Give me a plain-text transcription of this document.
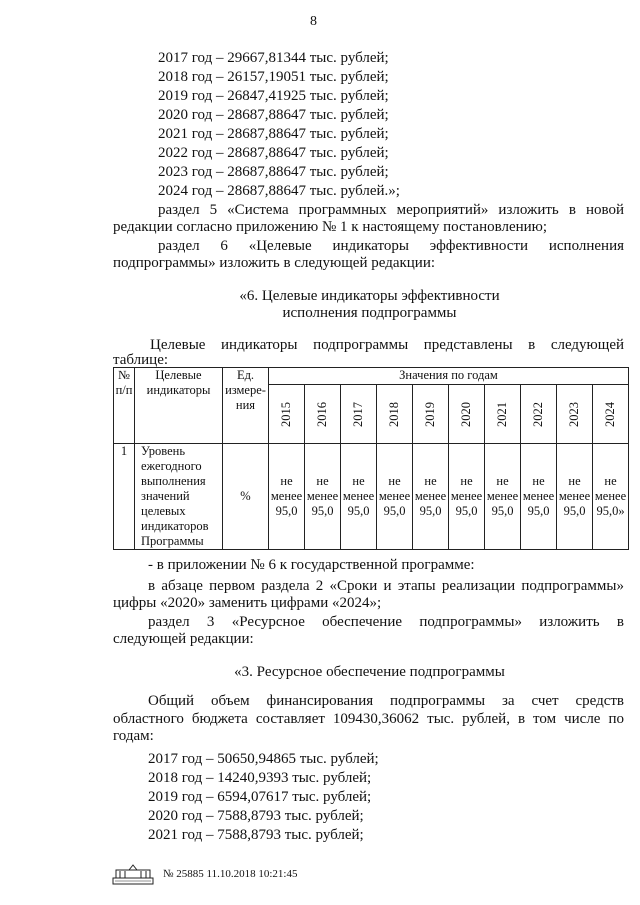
8
2017 год – 29667,81344 тыс. рублей;
2018 год – 26157,19051 тыс. рублей;
2019 год – 26847,41925 тыс. рублей;
2020 год – 28687,88647 тыс. рублей;
2021 год – 28687,88647 тыс. рублей;
2022 год – 28687,88647 тыс. рублей;
2023 год – 28687,88647 тыс. рублей;
2024 год – 28687,88647 тыс. рублей.»;
раздел 5 «Система программных мероприятий» изложить в новой
редакции согласно приложению № 1 к настоящему постановлению;
раздел 6 «Целевые индикаторы эффективности исполнения
подпрограммы» изложить в следующей редакции:
«6. Целевые индикаторы эффективности
исполнения подпрограммы
Целевые индикаторы подпрограммы представлены в следующей
таблице:
№ п/п	Целевые индикаторы	Ед. измере-ния	Значения по годам									
			2015	2016	2017	2018	2019	2020	2021	2022	2023	2024
1	Уровень ежегодного выполнения значений целевых индикаторов Программы	%	не менее 95,0	не менее 95,0	не менее 95,0	не менее 95,0	не менее 95,0	не менее 95,0	не менее 95,0	не менее 95,0	не менее 95,0	не менее 95,0»
- в приложении № 6 к государственной программе:
в абзаце первом раздела 2 «Сроки и этапы реализации подпрограммы»
цифры «2020» заменить цифрами «2024»;
раздел 3 «Ресурсное обеспечение подпрограммы» изложить в
следующей редакции:
«3. Ресурсное обеспечение подпрограммы
Общий объем финансирования подпрограммы за счет средств
областного бюджета составляет 109430,36062 тыс. рублей, в том числе по
годам:
2017 год – 50650,94865 тыс. рублей;
2018 год – 14240,9393 тыс. рублей;
2019 год – 6594,07617 тыс. рублей;
2020 год – 7588,8793 тыс. рублей;
2021 год – 7588,8793 тыс. рублей;
№ 25885 11.10.2018 10:21:45
